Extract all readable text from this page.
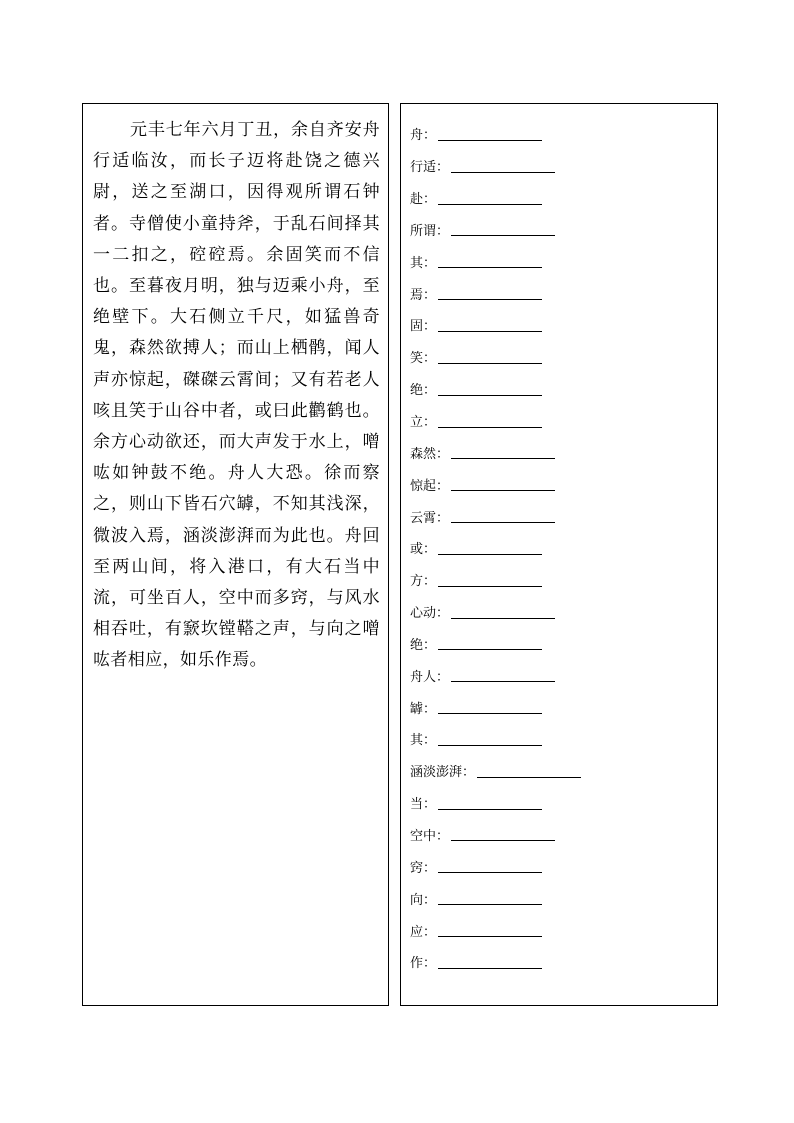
元丰七年六月丁丑，余自齐安舟行适临汝，而长子迈将赴饶之德兴尉，送之至湖口，因得观所谓石钟者。寺僧使小童持斧，于乱石间择其一二扣之，硿硿焉。余固笑而不信也。至暮夜月明，独与迈乘小舟，至绝壁下。大石侧立千尺，如猛兽奇鬼，森然欲搏人；而山上栖鹘，闻人声亦惊起，磔磔云霄间；又有若老人咳且笑于山谷中者，或曰此鹳鹤也。余方心动欲还，而大声发于水上，噌吰如钟鼓不绝。舟人大恐。徐而察之，则山下皆石穴罅，不知其浅深，微波入焉，涵淡澎湃而为此也。舟回至两山间，将入港口，有大石当中流，可坐百人，空中而多窍，与风水相吞吐，有窾坎镗鞳之声，与向之噌吰者相应，如乐作焉。

舟：
行适：
赴：
所谓：
其：
焉：
固：
笑：
绝：
立：
森然：
惊起：
云霄：
或：
方：
心动：
绝：
舟人：
罅：
其：
涵淡澎湃：
当：
空中：
窍：
向：
应：
作：
